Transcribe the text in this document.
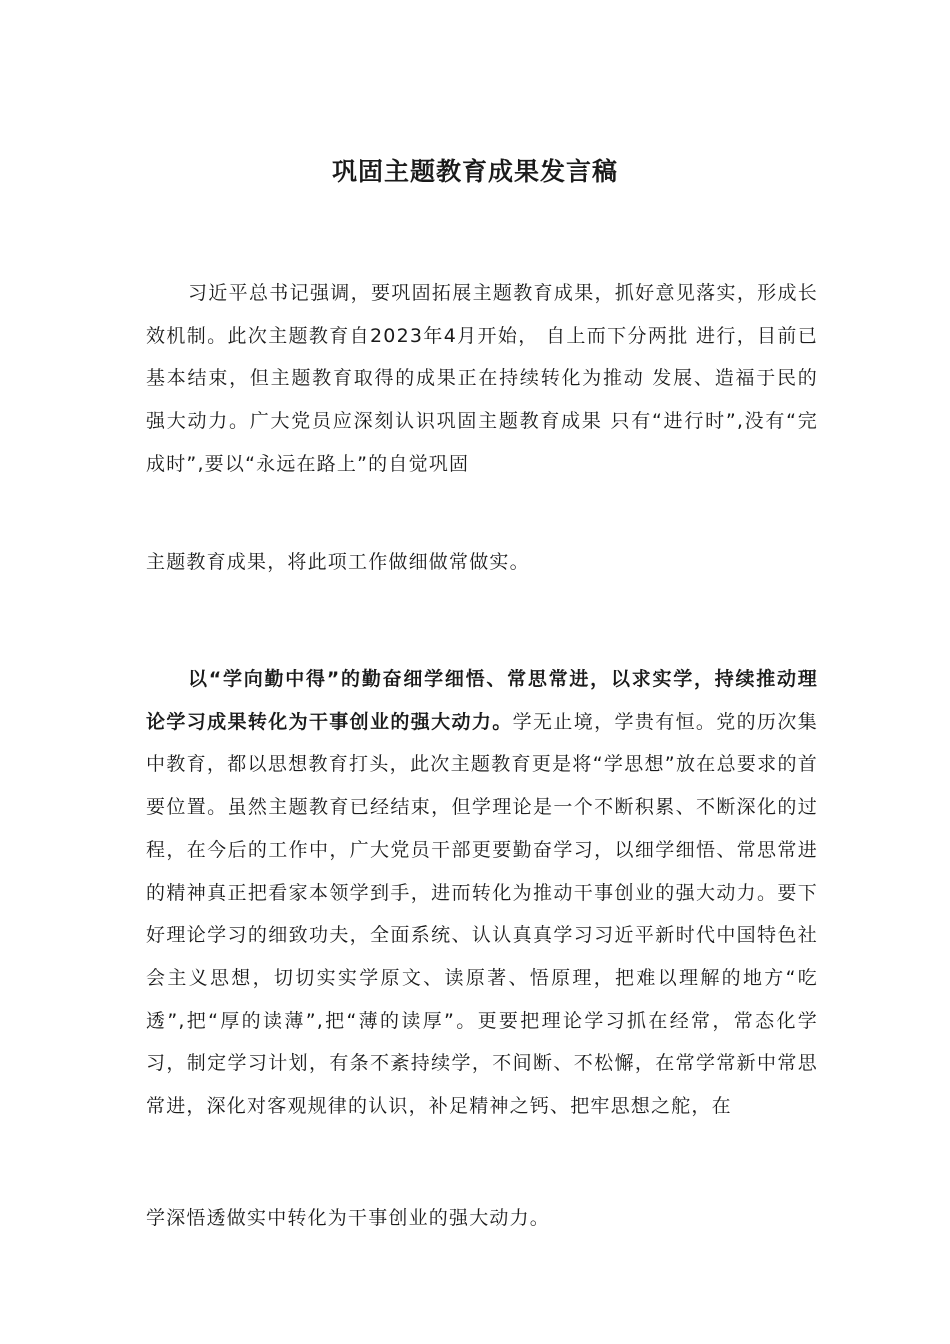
巩固主题教育成果发言稿

习近平总书记强调，要巩固拓展主题教育成果，抓好意见落实，形成长效机制。此次主题教育自2023年4月开始， 自上而下分两批 进行，目前已基本结束，但主题教育取得的成果正在持续转化为推动 发展、造福于民的强大动力。广大党员应深刻认识巩固主题教育成果 只有“进行时”,没有“完成时”,要以“永远在路上”的自觉巩固

主题教育成果，将此项工作做细做常做实。

以“学向勤中得”的勤奋细学细悟、常思常进，以求实学，持续推动理论学习成果转化为干事创业的强大动力。学无止境，学贵有恒。党的历次集中教育，都以思想教育打头，此次主题教育更是将“学思想”放在总要求的首要位置。虽然主题教育已经结束，但学理论是一个不断积累、不断深化的过程，在今后的工作中，广大党员干部更要勤奋学习，以细学细悟、常思常进的精神真正把看家本领学到手，进而转化为推动干事创业的强大动力。要下好理论学习的细致功夫，全面系统、认认真真学习习近平新时代中国特色社会主义思想，切切实实学原文、读原著、悟原理，把难以理解的地方“吃透”,把“厚的读薄”,把“薄的读厚”。更要把理论学习抓在经常，常态化学习，制定学习计划，有条不紊持续学，不间断、不松懈，在常学常新中常思常进，深化对客观规律的认识，补足精神之钙、把牢思想之舵，在

学深悟透做实中转化为干事创业的强大动力。
